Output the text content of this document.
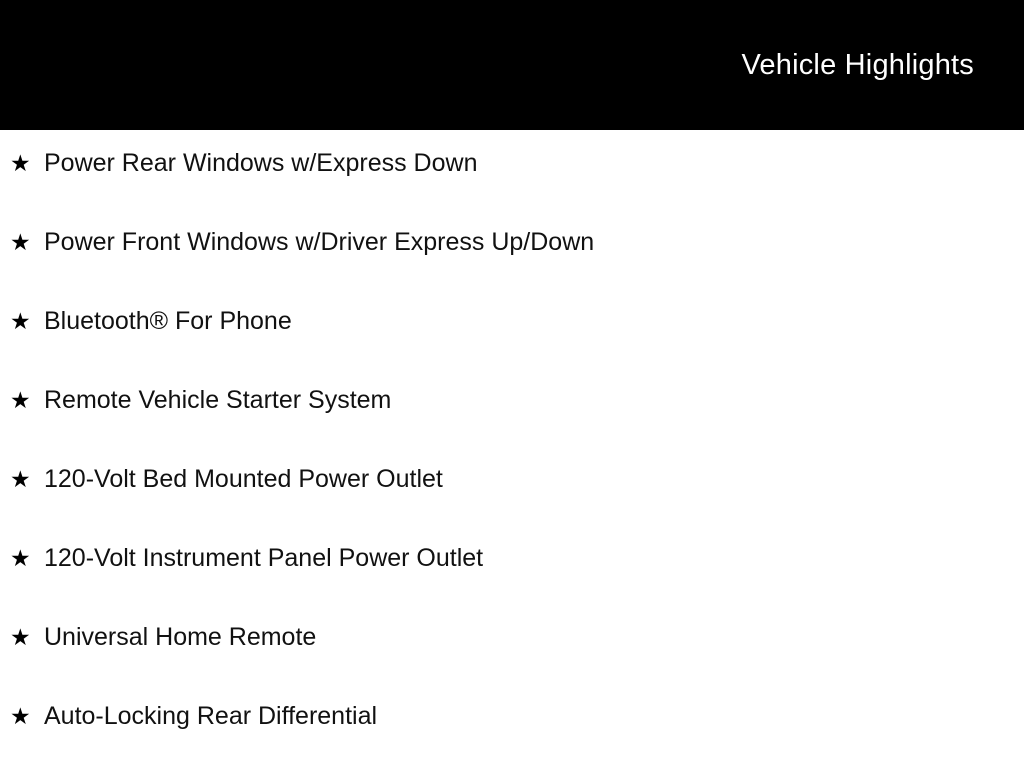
Vehicle Highlights
★ Power Rear Windows w/Express Down
★ Power Front Windows w/Driver Express Up/Down
★ Bluetooth® For Phone
★ Remote Vehicle Starter System
★ 120-Volt Bed Mounted Power Outlet
★ 120-Volt Instrument Panel Power Outlet
★ Universal Home Remote
★ Auto-Locking Rear Differential
